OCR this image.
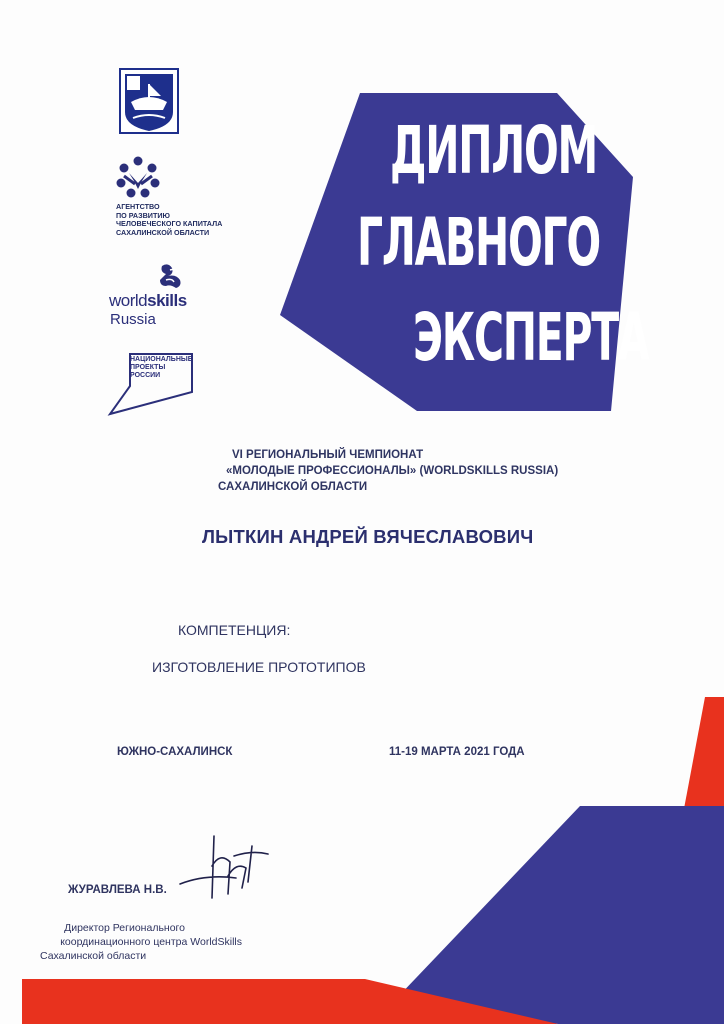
АГЕНТСТВО
ПО РАЗВИТИЮ
ЧЕЛОВЕЧЕСКОГО КАПИТАЛА
САХАЛИНСКОЙ ОБЛАСТИ
worldskills
Russia
НАЦИОНАЛЬНЫЕ
ПРОЕКТЫ
РОССИИ
ДИПЛОМ
ГЛАВНОГО
ЭКСПЕРТА
VI РЕГИОНАЛЬНЫЙ ЧЕМПИОНАТ
«МОЛОДЫЕ ПРОФЕССИОНАЛЫ» (WORLDSKILLS RUSSIA)
САХАЛИНСКОЙ ОБЛАСТИ
ЛЫТКИН АНДРЕЙ ВЯЧЕСЛАВОВИЧ
КОМПЕТЕНЦИЯ:
ИЗГОТОВЛЕНИЕ ПРОТОТИПОВ
ЮЖНО-САХАЛИНСК	11-19 МАРТА 2021 ГОДА
ЖУРАВЛЕВА Н.В.
Директор Регионального
координационного центра WorldSkills
Сахалинской области
